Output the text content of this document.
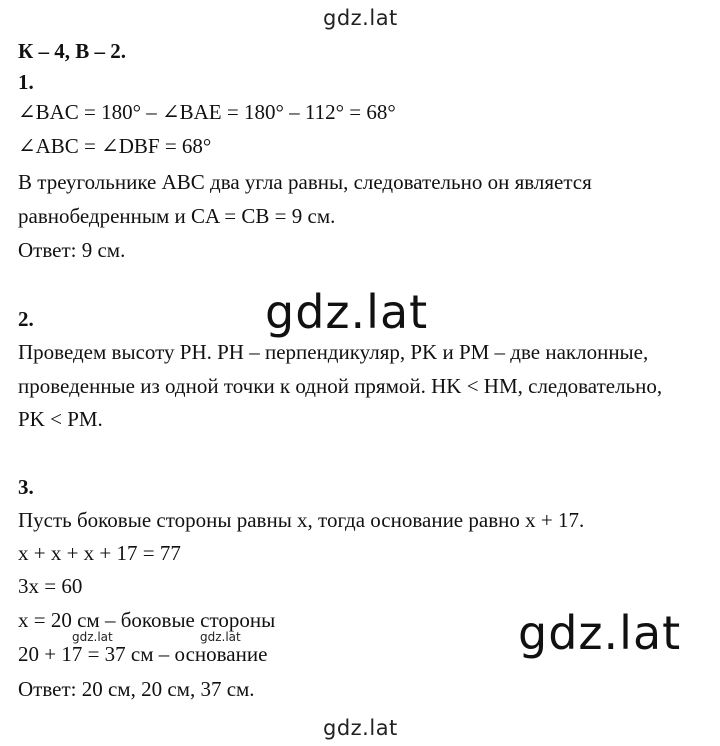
gdz.lat
К – 4, В – 2.
1.
∠BAC = 180° – ∠BAE = 180° – 112° = 68°
∠ABC = ∠DBF = 68°
В треугольнике ABC два угла равны, следовательно он является
равнобедренным и CA = CB = 9 см.
Ответ: 9 см.
gdz.lat
2.
Проведем высоту PH. PH – перпендикуляр, PK и PM – две наклонные,
проведенные из одной точки к одной прямой. HK < HM, следовательно,
PK < PM.
3.
Пусть боковые стороны равны x, тогда основание равно x + 17.
x + x + x + 17 = 77
3x = 60
x = 20 см – боковые стороны
gdz.lat	gdz.lat
20 + 17 = 37 см – основание
Ответ: 20 см, 20 см, 37 см.
gdz.lat
gdz.lat
